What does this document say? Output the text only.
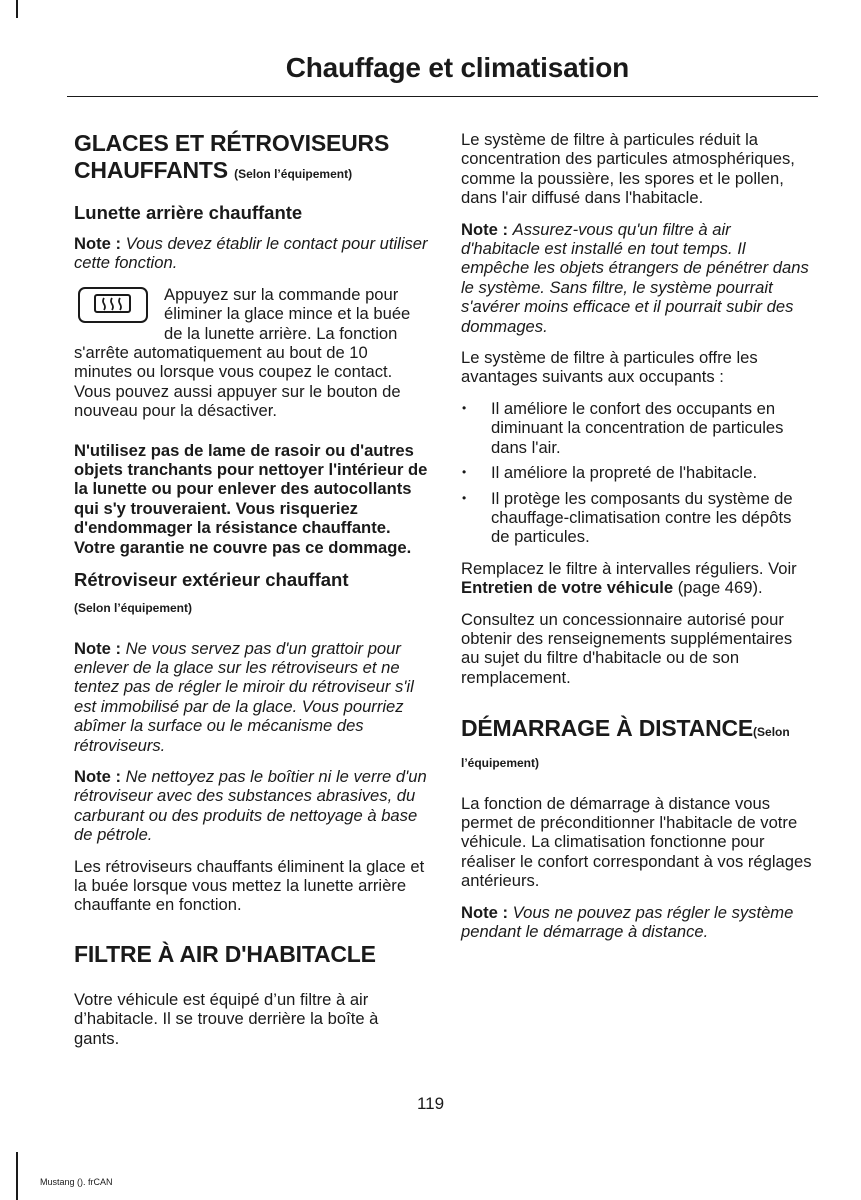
Chauffage et climatisation
GLACES ET RÉTROVISEURS CHAUFFANTS (Selon l’équipement)
Lunette arrière chauffante

Note : Vous devez établir le contact pour utiliser cette fonction.

Appuyez sur la commande pour éliminer la glace mince et la buée de la lunette arrière. La fonction s'arrête automatiquement au bout de 10 minutes ou lorsque vous coupez le contact. Vous pouvez aussi appuyer sur le bouton de nouveau pour la désactiver.

N'utilisez pas de lame de rasoir ou d'autres objets tranchants pour nettoyer l'intérieur de la lunette ou pour enlever des autocollants qui s'y trouveraient. Vous risqueriez d'endommager la résistance chauffante. Votre garantie ne couvre pas ce dommage.

Rétroviseur extérieur chauffant

(Selon l’équipement)

Note : Ne vous servez pas d'un grattoir pour enlever de la glace sur les rétroviseurs et ne tentez pas de régler le miroir du rétroviseur s'il est immobilisé par de la glace. Vous pourriez abîmer la surface ou le mécanisme des rétroviseurs.

Note : Ne nettoyez pas le boîtier ni le verre d'un rétroviseur avec des substances abrasives, du carburant ou des produits de nettoyage à base de pétrole.

Les rétroviseurs chauffants éliminent la glace et la buée lorsque vous mettez la lunette arrière chauffante en fonction.

FILTRE À AIR D'HABITACLE

Votre véhicule est équipé d’un filtre à air d’habitacle. Il se trouve derrière la boîte à gants.

Le système de filtre à particules réduit la concentration des particules atmosphériques, comme la poussière, les spores et le pollen, dans l'air diffusé dans l'habitacle.

Note : Assurez-vous qu'un filtre à air d'habitacle est installé en tout temps. Il empêche les objets étrangers de pénétrer dans le système. Sans filtre, le système pourrait s'avérer moins efficace et il pourrait subir des dommages.

Le système de filtre à particules offre les avantages suivants aux occupants :

• Il améliore le confort des occupants en diminuant la concentration de particules dans l'air.
• Il améliore la propreté de l'habitacle.
• Il protège les composants du système de chauffage-climatisation contre les dépôts de particules.

Remplacez le filtre à intervalles réguliers. Voir Entretien de votre véhicule (page 469).

Consultez un concessionnaire autorisé pour obtenir des renseignements supplémentaires au sujet du filtre d'habitacle ou de son remplacement.

DÉMARRAGE À DISTANCE(Selon

l’équipement)

La fonction de démarrage à distance vous permet de préconditionner l'habitacle de votre véhicule. La climatisation fonctionne pour réaliser le confort correspondant à vos réglages antérieurs.

Note : Vous ne pouvez pas régler le système pendant le démarrage à distance.

119
Mustang (). frCAN
